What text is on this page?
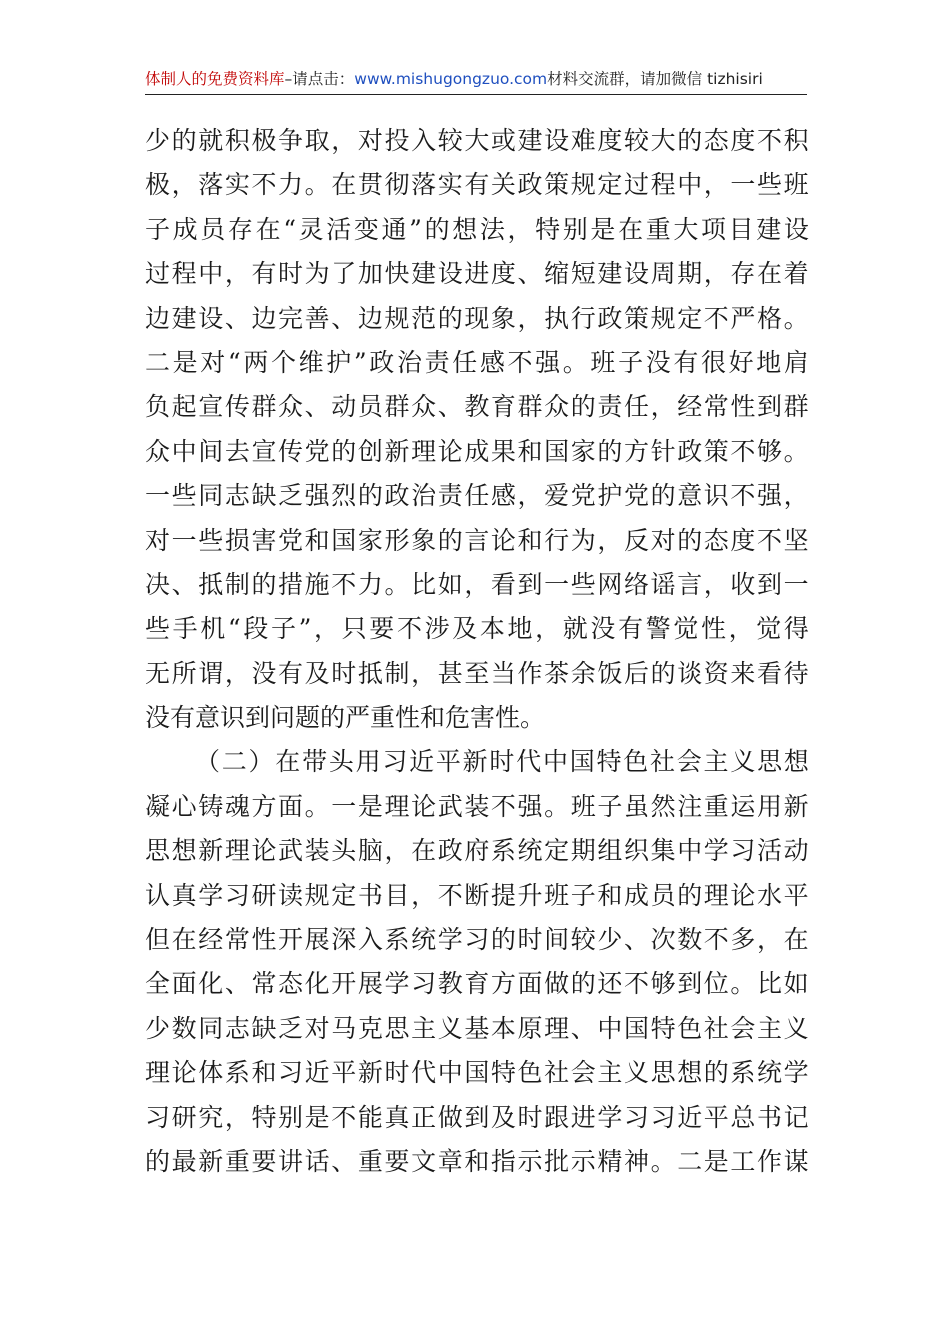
体制人的免费资料库–请点击：www.mishugongzuo.com材料交流群，请加微信 tizhisiri
少 的 就 积 极 争 取 ， 对 投 入 较 大 或 建 设 难 度 较 大 的 态 度 不 积
极 ， 落 实 不 力 。 在 贯 彻 落 实 有 关 政 策 规 定 过 程 中 ， 一 些 班
子 成 员 存 在 “ 灵 活 变 通 ” 的 想 法 ， 特 别 是 在 重 大 项 目 建 设
过 程 中 ， 有 时 为 了 加 快 建 设 进 度 、 缩 短 建 设 周 期 ， 存 在 着
边 建 设 、 边 完 善 、 边 规 范 的 现 象 ， 执 行 政 策 规 定 不 严 格 。
二 是 对 “ 两 个 维 护 ” 政 治 责 任 感 不 强 。 班 子 没 有 很 好 地 肩
负 起 宣 传 群 众 、 动 员 群 众 、 教 育 群 众 的 责 任 ， 经 常 性 到 群
众 中 间 去 宣 传 党 的 创 新 理 论 成 果 和 国 家 的 方 针 政 策 不 够 。
一 些 同 志 缺 乏 强 烈 的 政 治 责 任 感 ， 爱 党 护 党 的 意 识 不 强 ，
对 一 些 损 害 党 和 国 家 形 象 的 言 论 和 行 为 ， 反 对 的 态 度 不 坚
决 、 抵 制 的 措 施 不 力 。 比 如 ， 看 到 一 些 网 络 谣 言 ， 收 到 一
些 手 机 “ 段 子 ” ， 只 要 不 涉 及 本 地 ， 就 没 有 警 觉 性 ， 觉 得
无 所 谓 ， 没 有 及 时 抵 制 ， 甚 至 当 作 茶 余 饭 后 的 谈 资 来 看 待
没有意识到问题的严重性和危害性。
（ 二 ） 在 带 头 用 习 近 平 新 时 代 中 国 特 色 社 会 主 义 思 想
凝 心 铸 魂 方 面 。 一 是 理 论 武 装 不 强 。 班 子 虽 然 注 重 运 用 新
思 想 新 理 论 武 装 头 脑 ， 在 政 府 系 统 定 期 组 织 集 中 学 习 活 动
认 真 学 习 研 读 规 定 书 目 ， 不 断 提 升 班 子 和 成 员 的 理 论 水 平
但 在 经 常 性 开 展 深 入 系 统 学 习 的 时 间 较 少 、 次 数 不 多 ， 在
全 面 化 、 常 态 化 开 展 学 习 教 育 方 面 做 的 还 不 够 到 位 。 比 如
少 数 同 志 缺 乏 对 马 克 思 主 义 基 本 原 理 、 中 国 特 色 社 会 主 义
理 论 体 系 和 习 近 平 新 时 代 中 国 特 色 社 会 主 义 思 想 的 系 统 学
习 研 究 ， 特 别 是 不 能 真 正 做 到 及 时 跟 进 学 习 习 近 平 总 书 记
的 最 新 重 要 讲 话 、 重 要 文 章 和 指 示 批 示 精 神 。 二 是 工 作 谋
